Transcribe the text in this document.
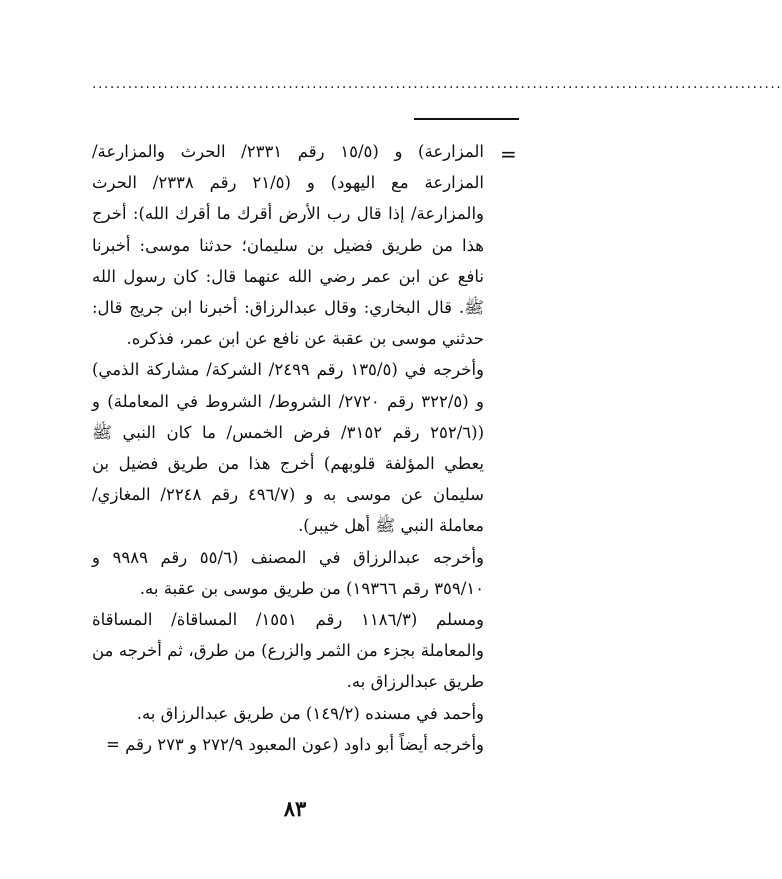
....................................................................................................................
=

المزارعة) و (١٥/٥ رقم ٢٣٣١/ الحرث والمزارعة/ المزارعة مع اليهود) و (٢١/٥ رقم ٢٣٣٨/ الحرث والمزارعة/ إذا قال رب الأرض أقرك ما أقرك الله): أخرج هذا من طريق فضيل بن سليمان؛ حدثنا موسى: أخبرنا نافع عن ابن عمر رضي الله عنهما قال: كان رسول الله ﷺ. قال البخاري: وقال عبدالرزاق: أخبرنا ابن جريج قال: حدثني موسى بن عقبة عن نافع عن ابن عمر، فذكره.

وأخرجه في (١٣٥/٥ رقم ٢٤٩٩/ الشركة/ مشاركة الذمي) و (٣٢٢/٥ رقم ٢٧٢٠/ الشروط/ الشروط في المعاملة) و ((٢٥٢/٦ رقم ٣١٥٢/ فرض الخمس/ ما كان النبي ﷺ يعطي المؤلفة قلوبهم) أخرج هذا من طريق فضيل بن سليمان عن موسى به و (٤٩٦/٧ رقم ٢٢٤٨/ المغازي/ معاملة النبي ﷺ أهل خيبر).

وأخرجه عبدالرزاق في المصنف (٥٥/٦ رقم ٩٩٨٩ و ٣٥٩/١٠ رقم ١٩٣٦٦) من طريق موسى بن عقبة به.

ومسلم (١١٨٦/٣ رقم ١٥٥١/ المساقاة/ المساقاة والمعاملة بجزء من الثمر والزرع) من طرق، ثم أخرجه من طريق عبدالرزاق به.

وأحمد في مسنده (١٤٩/٢) من طريق عبدالرزاق به.

وأخرجه أيضاً أبو داود (عون المعبود ٢٧٢/٩ و ٢٧٣ رقم =

٨٣
